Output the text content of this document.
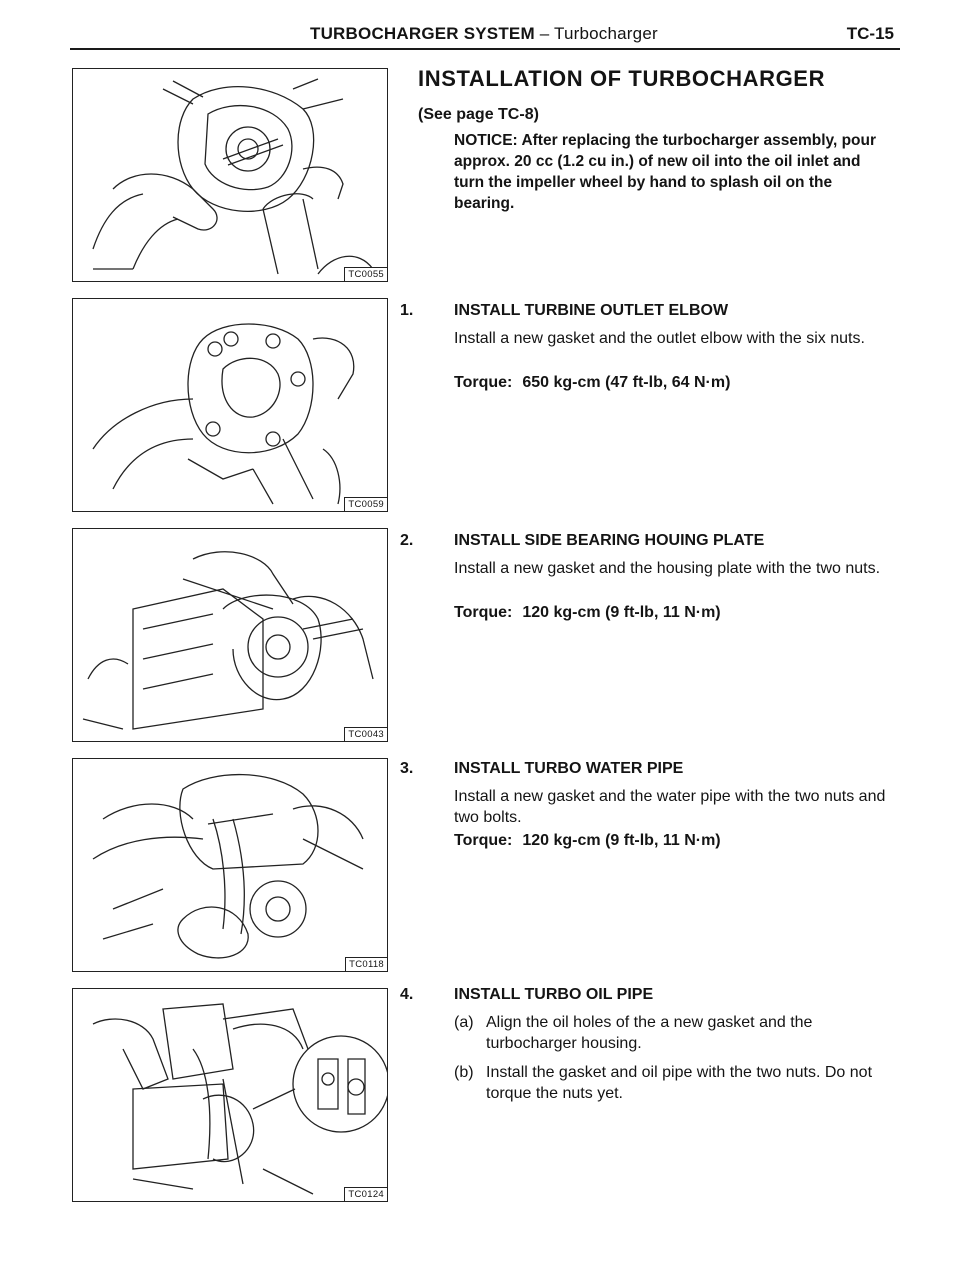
TURBOCHARGER SYSTEM – Turbocharger	TC-15
TC0055
TC0059
TC0043
TC0118
TC0124
INSTALLATION OF TURBOCHARGER
(See page TC-8)
NOTICE: After replacing the turbocharger assembly, pour approx. 20 cc (1.2 cu in.) of new oil into the oil inlet and turn the impeller wheel by hand to splash oil on the bearing.
1.	INSTALL TURBINE OUTLET ELBOW
Install a new gasket and the outlet elbow with the six nuts.
Torque: 650 kg-cm (47 ft-lb, 64 N·m)
2.	INSTALL SIDE BEARING HOUING PLATE
Install a new gasket and the housing plate with the two nuts.
Torque: 120 kg-cm (9 ft-lb, 11 N·m)
3.	INSTALL TURBO WATER PIPE
Install a new gasket and the water pipe with the two nuts and two bolts.
Torque: 120 kg-cm (9 ft-lb, 11 N·m)
4.	INSTALL TURBO OIL PIPE
(a) Align the oil holes of the a new gasket and the turbocharger housing.
(b) Install the gasket and oil pipe with the two nuts. Do not torque the nuts yet.
